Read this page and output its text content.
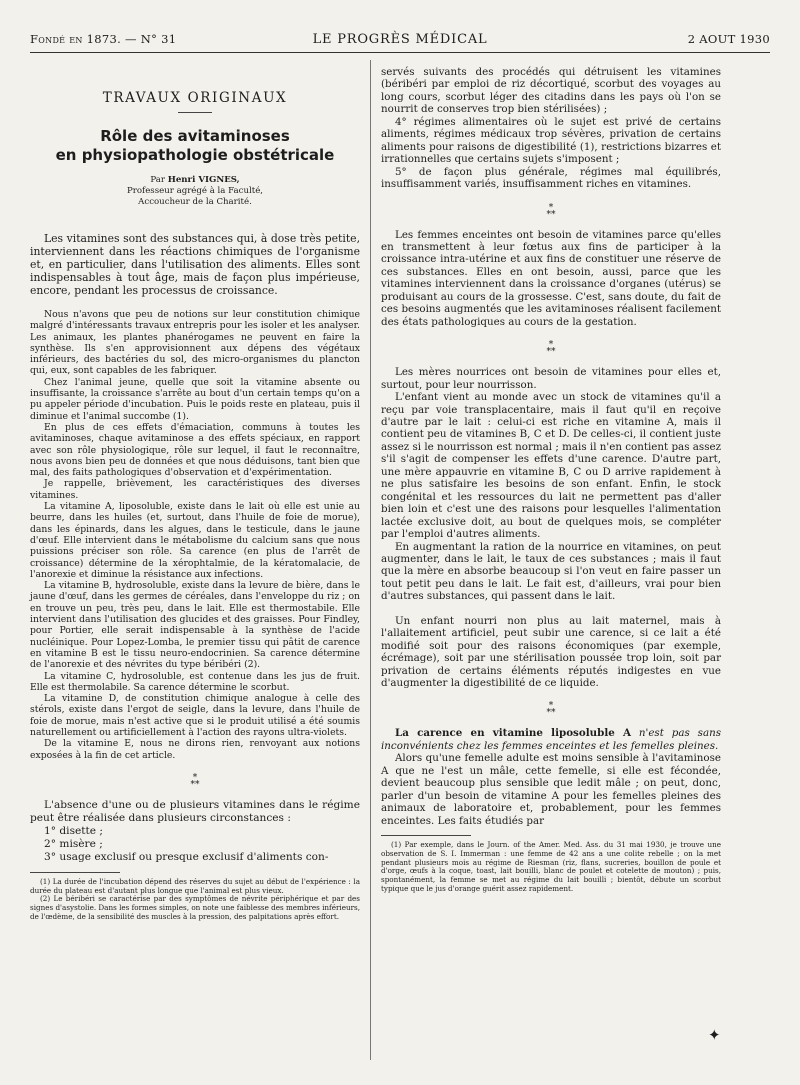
Fondé en 1873. — N° 31	LE PROGRÈS MÉDICAL	2 AOUT 1930
TRAVAUX ORIGINAUX
Rôle des avitaminoses
en physiopathologie obstétricale
Par Henri VIGNES,
Professeur agrégé à la Faculté,
Accoucheur de la Charité.

Les vitamines sont des substances qui, à dose très petite, interviennent dans les réactions chimiques de l'organisme et, en particulier, dans l'utilisation des aliments. Elles sont indispensables à tout âge, mais de façon plus impérieuse, encore, pendant les processus de croissance.

Nous n'avons que peu de notions sur leur constitution chimique malgré d'intéressants travaux entrepris pour les isoler et les analyser. Les animaux, les plantes phanérogames ne peuvent en faire la synthèse. Ils s'en approvisionnent aux dépens des végétaux inférieurs, des bactéries du sol, des micro-organismes du plancton qui, eux, sont capables de les fabriquer.

Chez l'animal jeune, quelle que soit la vitamine absente ou insuffisante, la croissance s'arrête au bout d'un certain temps qu'on a pu appeler période d'incubation. Puis le poids reste en plateau, puis il diminue et l'animal succombe (1).

En plus de ces effets d'émaciation, communs à toutes les avitaminoses, chaque avitaminose a des effets spéciaux, en rapport avec son rôle physiologique, rôle sur lequel, il faut le reconnaître, nous avons bien peu de données et que nous déduisons, tant bien que mal, des faits pathologiques d'observation et d'expérimentation.

Je rappelle, brièvement, les caractéristiques des diverses vitamines.

La vitamine A, liposoluble, existe dans le lait où elle est unie au beurre, dans les huiles (et, surtout, dans l'huile de foie de morue), dans les épinards, dans les algues, dans le testicule, dans le jaune d'œuf. Elle intervient dans le métabolisme du calcium sans que nous puissions préciser son rôle. Sa carence (en plus de l'arrêt de croissance) détermine de la xérophtalmie, de la kératomalacie, de l'anorexie et diminue la résistance aux infections.

La vitamine B, hydrosoluble, existe dans la levure de bière, dans le jaune d'œuf, dans les germes de céréales, dans l'enveloppe du riz ; on en trouve un peu, très peu, dans le lait. Elle est thermostabile. Elle intervient dans l'utilisation des glucides et des graisses. Pour Findley, pour Portier, elle serait indispensable à la synthèse de l'acide nucléinique. Pour Lopez-Lomba, le premier tissu qui pâtit de carence en vitamine B est le tissu neuro-endocrinien. Sa carence détermine de l'anorexie et des névrites du type béribéri (2).

La vitamine C, hydrosoluble, est contenue dans les jus de fruit. Elle est thermolabile. Sa carence détermine le scorbut.

La vitamine D, de constitution chimique analogue à celle des stérols, existe dans l'ergot de seigle, dans la levure, dans l'huile de foie de morue, mais n'est active que si le produit utilisé a été soumis naturellement ou artificiellement à l'action des rayons ultra-violets.

De la vitamine E, nous ne dirons rien, renvoyant aux notions exposées à la fin de cet article.

*
**

L'absence d'une ou de plusieurs vitamines dans le régime peut être réalisée dans plusieurs circonstances :

1° disette ;

2° misère ;

3° usage exclusif ou presque exclusif d'aliments con-

(1) La durée de l'incubation dépend des réserves du sujet au début de l'expérience : la durée du plateau est d'autant plus longue que l'animal est plus vieux.

(2) Le béribéri se caractérise par des symptômes de névrite périphérique et par des signes d'asystolie. Dans les formes simples, on note une faiblesse des membres inférieurs, de l'œdème, de la sensibilité des muscles à la pression, des palpitations après effort.

servés suivants des procédés qui détruisent les vitamines (béribéri par emploi de riz décortiqué, scorbut des voyages au long cours, scorbut léger des citadins dans les pays où l'on se nourrit de conserves trop bien stérilisées) ;

4° régimes alimentaires où le sujet est privé de certains aliments, régimes médicaux trop sévères, privation de certains aliments pour raisons de digestibilité (1), restrictions bizarres et irrationnelles que certains sujets s'imposent ;

5° de façon plus générale, régimes mal équilibrés, insuffisamment variés, insuffisamment riches en vitamines.

*
**

Les femmes enceintes ont besoin de vitamines parce qu'elles en transmettent à leur fœtus aux fins de participer à la croissance intra-utérine et aux fins de constituer une réserve de ces substances. Elles en ont besoin, aussi, parce que les vitamines interviennent dans la croissance d'organes (utérus) se produisant au cours de la grossesse. C'est, sans doute, du fait de ces besoins augmentés que les avitaminoses réalisent facilement des états pathologiques au cours de la gestation.

*
**

Les mères nourrices ont besoin de vitamines pour elles et, surtout, pour leur nourrisson.

L'enfant vient au monde avec un stock de vitamines qu'il a reçu par voie transplacentaire, mais il faut qu'il en reçoive d'autre par le lait : celui-ci est riche en vitamine A, mais il contient peu de vitamines B, C et D. De celles-ci, il contient juste assez si le nourrisson est normal ; mais il n'en contient pas assez s'il s'agit de compenser les effets d'une carence. D'autre part, une mère appauvrie en vitamine B, C ou D arrive rapidement à ne plus satisfaire les besoins de son enfant. Enfin, le stock congénital et les ressources du lait ne permettent pas d'aller bien loin et c'est une des raisons pour lesquelles l'alimentation lactée exclusive doit, au bout de quelques mois, se compléter par l'emploi d'autres aliments.

En augmentant la ration de la nourrice en vitamines, on peut augmenter, dans le lait, le taux de ces substances ; mais il faut que la mère en absorbe beaucoup si l'on veut en faire passer un tout petit peu dans le lait. Le fait est, d'ailleurs, vrai pour bien d'autres substances, qui passent dans le lait.

Un enfant nourri non plus au lait maternel, mais à l'allaitement artificiel, peut subir une carence, si ce lait a été modifié soit pour des raisons économiques (par exemple, écrémage), soit par une stérilisation poussée trop loin, soit par privation de certains éléments réputés indigestes en vue d'augmenter la digestibilité de ce liquide.

*
**

La carence en vitamine liposoluble A n'est pas sans inconvénients chez les femmes enceintes et les femelles pleines.

Alors qu'une femelle adulte est moins sensible à l'avitaminose A que ne l'est un mâle, cette femelle, si elle est fécondée, devient beaucoup plus sensible que ledit mâle ; on peut, donc, parler d'un besoin de vitamine A pour les femelles pleines des animaux de laboratoire et, probablement, pour les femmes enceintes. Les faits étudiés par

(1) Par exemple, dans le Journ. of the Amer. Med. Ass. du 31 mai 1930, je trouve une observation de S. I. Immerman : une femme de 42 ans a une colite rebelle ; on la met pendant plusieurs mois au régime de Riesman (riz, flans, sucreries, bouillon de poule et d'orge, œufs à la coque, toast, lait bouilli, blanc de poulet et cotelette de mouton) ; puis, spontanément, la femme se met au régime du lait bouilli ; bientôt, débute un scorbut typique que le jus d'orange guérit assez rapidement.

✦
